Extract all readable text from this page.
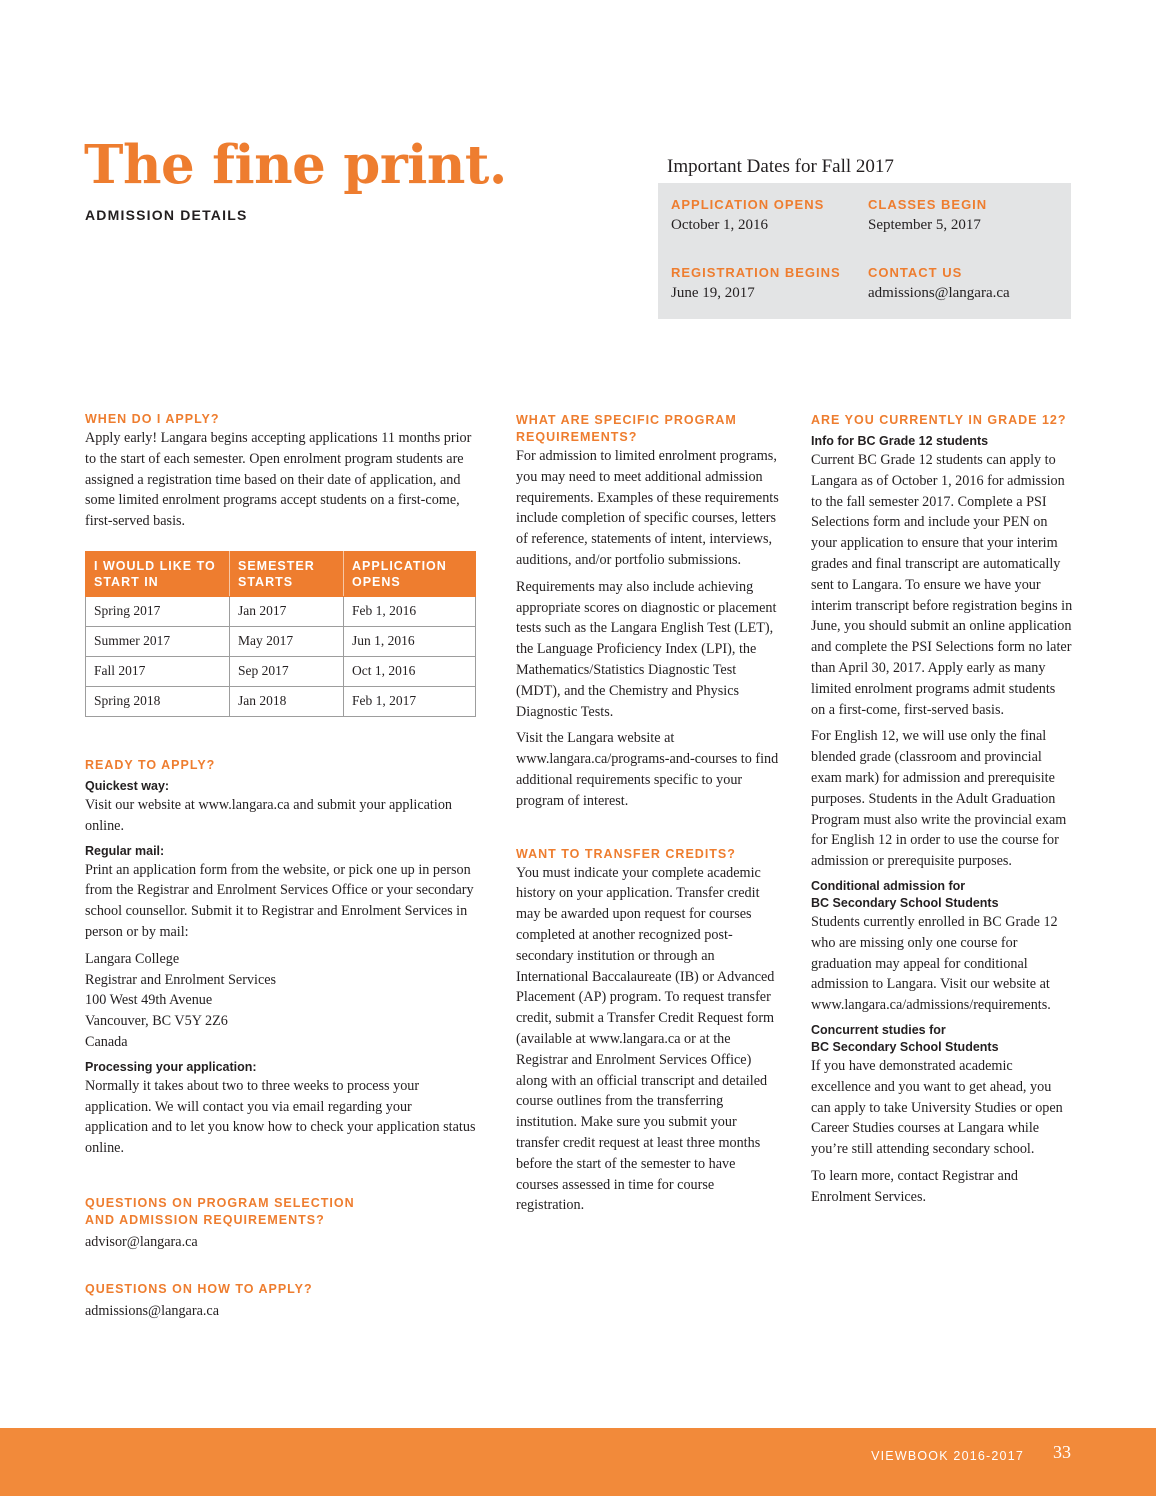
The fine print.
ADMISSION DETAILS
Important Dates for Fall 2017
APPLICATION OPENS
October 1, 2016
CLASSES BEGIN
September 5, 2017
REGISTRATION BEGINS
June 19, 2017
CONTACT US
admissions@langara.ca
WHEN DO I APPLY?

Apply early! Langara begins accepting applications 11 months prior to the start of each semester. Open enrolment program students are assigned a registration time based on their date of application, and some limited enrolment programs accept students on a first-come, first-served basis.

I WOULD LIKE TO START IN	SEMESTER STARTS	APPLICATION OPENS
Spring 2017	Jan 2017	Feb 1, 2016
Summer 2017	May 2017	Jun 1, 2016
Fall 2017	Sep 2017	Oct 1, 2016
Spring 2018	Jan 2018	Feb 1, 2017
READY TO APPLY?
Quickest way:

Visit our website at www.langara.ca and submit your application online.

Regular mail:

Print an application form from the website, or pick one up in person from the Registrar and Enrolment Services Office or your secondary school counsellor. Submit it to Registrar and Enrolment Services in person or by mail:

Langara College
Registrar and Enrolment Services
100 West 49th Avenue
Vancouver, BC V5Y 2Z6
Canada
Processing your application:

Normally it takes about two to three weeks to process your application. We will contact you via email regarding your application and to let you know how to check your application status online.

QUESTIONS ON PROGRAM SELECTION
AND ADMISSION REQUIREMENTS?
advisor@langara.ca
QUESTIONS ON HOW TO APPLY?
admissions@langara.ca
WHAT ARE SPECIFIC PROGRAM REQUIREMENTS?

For admission to limited enrolment programs, you may need to meet additional admission requirements. Examples of these requirements include completion of specific courses, letters of reference, statements of intent, interviews, auditions, and/or portfolio submissions.

Requirements may also include achieving appropriate scores on diagnostic or placement tests such as the Langara English Test (LET), the Language Proficiency Index (LPI), the Mathematics/Statistics Diagnostic Test (MDT), and the Chemistry and Physics Diagnostic Tests.

Visit the Langara website at www.langara.ca/programs-and-courses to find additional requirements specific to your program of interest.

WANT TO TRANSFER CREDITS?

You must indicate your complete academic history on your application. Transfer credit may be awarded upon request for courses completed at another recognized post-secondary institution or through an International Baccalaureate (IB) or Advanced Placement (AP) program. To request transfer credit, submit a Transfer Credit Request form (available at www.langara.ca or at the Registrar and Enrolment Services Office) along with an official transcript and detailed course outlines from the transferring institution. Make sure you submit your transfer credit request at least three months before the start of the semester to have courses assessed in time for course registration.

ARE YOU CURRENTLY IN GRADE 12?
Info for BC Grade 12 students

Current BC Grade 12 students can apply to Langara as of October 1, 2016 for admission to the fall semester 2017. Complete a PSI Selections form and include your PEN on your application to ensure that your interim grades and final transcript are automatically sent to Langara. To ensure we have your interim transcript before registration begins in June, you should submit an online application and complete the PSI Selections form no later than April 30, 2017. Apply early as many limited enrolment programs admit students on a first-come, first-served basis.

For English 12, we will use only the final blended grade (classroom and provincial exam mark) for admission and prerequisite purposes. Students in the Adult Graduation Program must also write the provincial exam for English 12 in order to use the course for admission or prerequisite purposes.

Conditional admission for
BC Secondary School Students

Students currently enrolled in BC Grade 12 who are missing only one course for graduation may appeal for conditional admission to Langara. Visit our website at www.langara.ca/admissions/requirements.

Concurrent studies for
BC Secondary School Students

If you have demonstrated academic excellence and you want to get ahead, you can apply to take University Studies or open Career Studies courses at Langara while you’re still attending secondary school.

To learn more, contact Registrar and Enrolment Services.

VIEWBOOK 2016-2017 33
